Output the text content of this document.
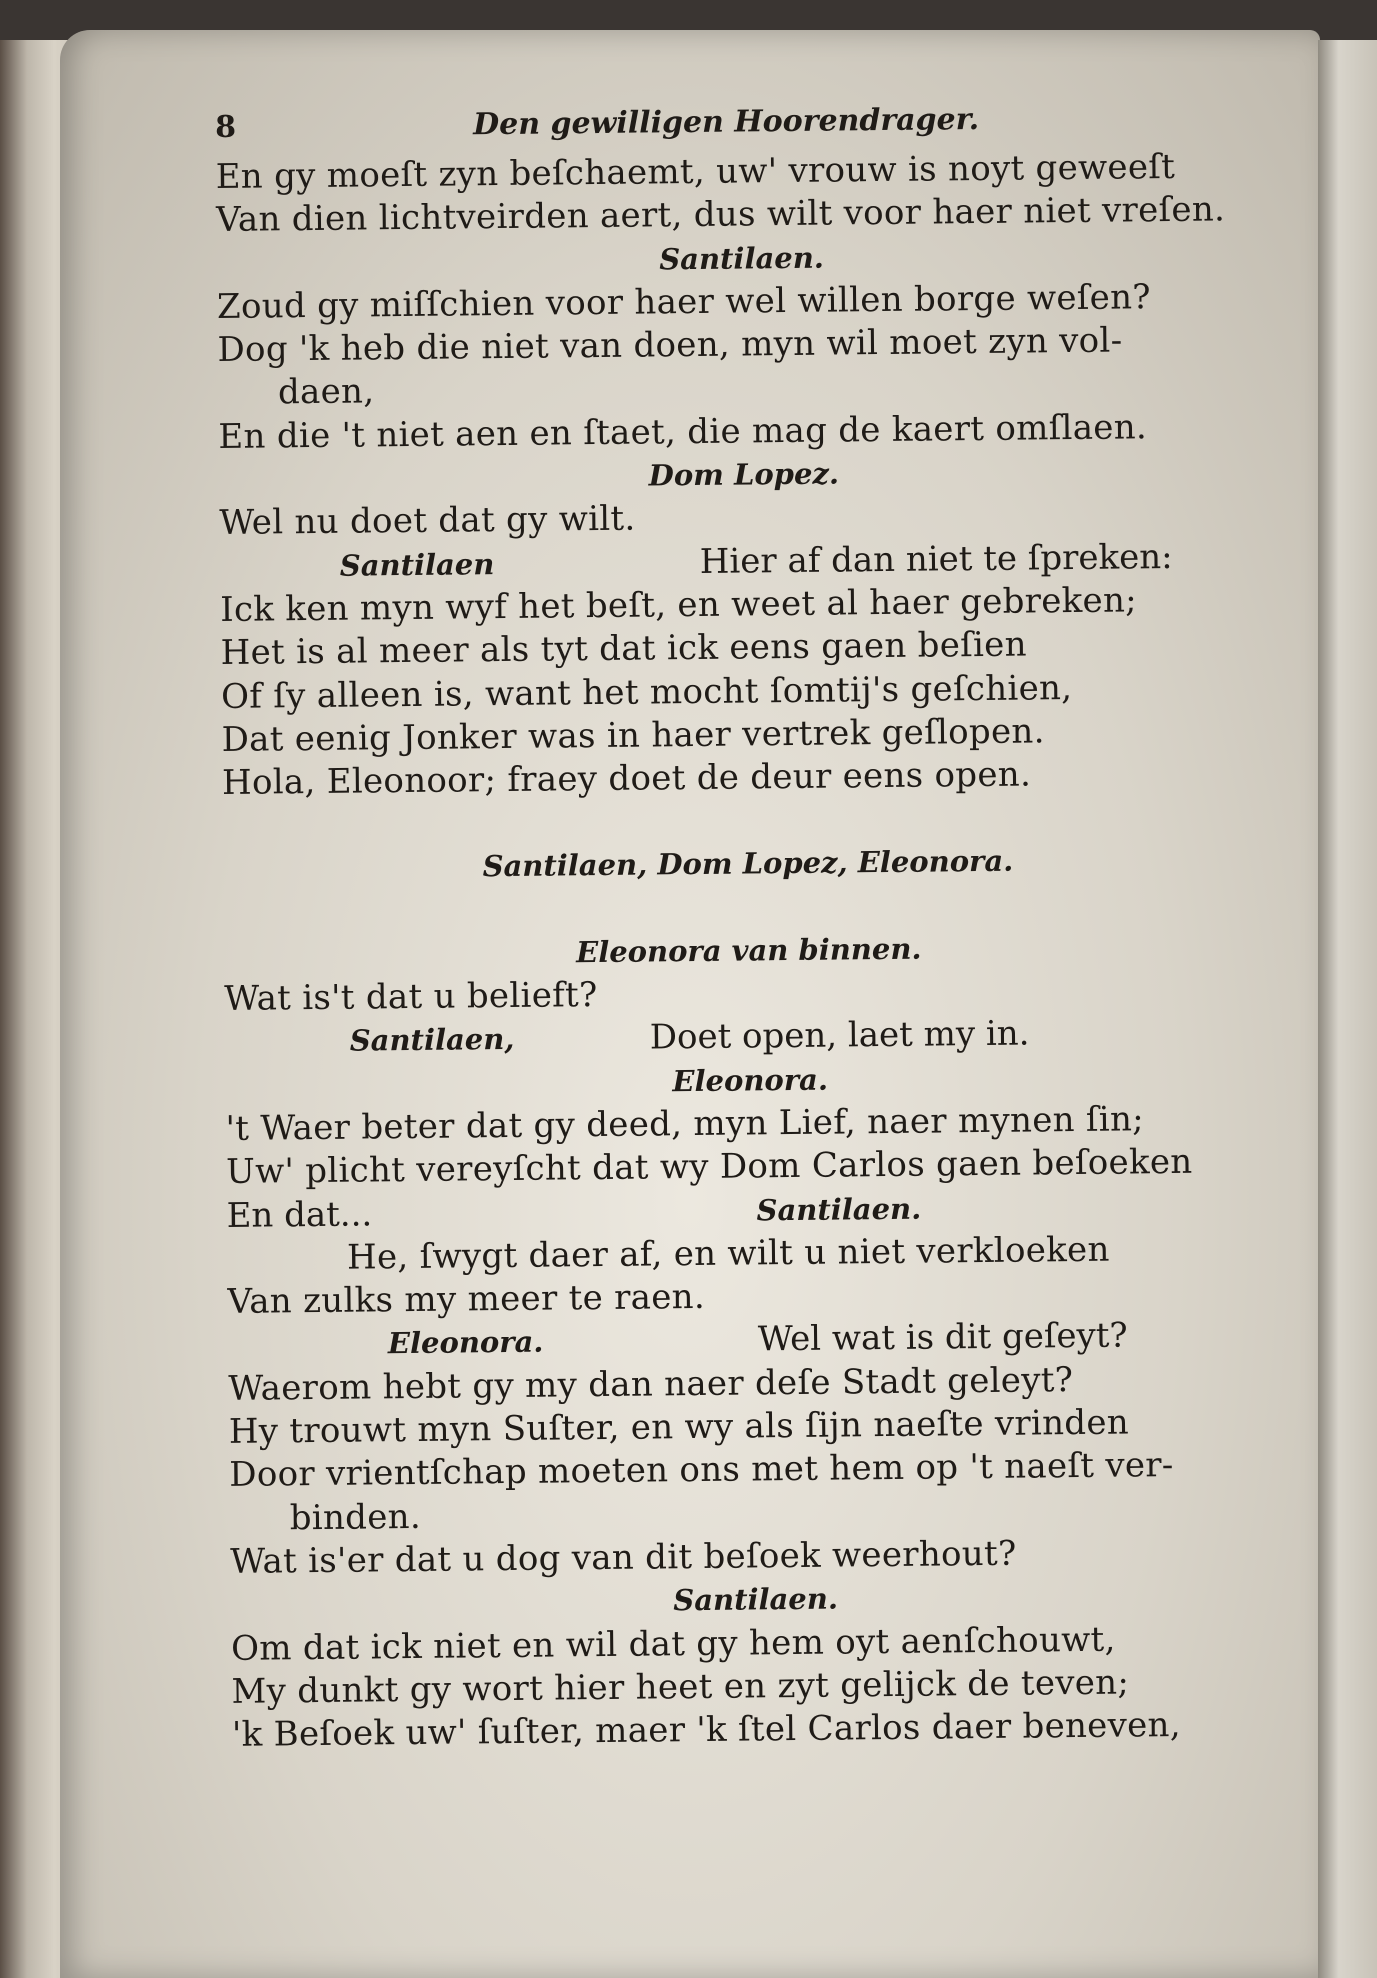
8	Den gewilligen Hoorendrager.
En gy moeſt zyn beſchaemt, uw' vrouw is noyt geweeſt
Van dien lichtveirden aert, dus wilt voor haer niet vreſen.
Santilaen.
Zoud gy miſſchien voor haer wel willen borge weſen?
Dog 'k heb die niet van doen, myn wil moet zyn vol-
daen,
En die 't niet aen en ſtaet, die mag de kaert omſlaen.
Dom Lopez.
Wel nu doet dat gy wilt.
Santilaen	Hier af dan niet te ſpreken:
Ick ken myn wyf het beſt, en weet al haer gebreken;
Het is al meer als tyt dat ick eens gaen beſien
Of ſy alleen is, want het mocht ſomtij's geſchien,
Dat eenig Jonker was in haer vertrek geſlopen.
Hola, Eleonoor; fraey doet de deur eens open.
Santilaen, Dom Lopez, Eleonora.
Eleonora van binnen.
Wat is't dat u belieft?
Santilaen,	Doet open, laet my in.
Eleonora.
't Waer beter dat gy deed, myn Lief, naer mynen ſin;
Uw' plicht vereyſcht dat wy Dom Carlos gaen beſoeken
En dat...	Santilaen.
He, ſwygt daer af, en wilt u niet verkloeken
Van zulks my meer te raen.
Eleonora.	Wel wat is dit geſeyt?
Waerom hebt gy my dan naer deſe Stadt geleyt?
Hy trouwt myn Suſter, en wy als ſijn naeſte vrinden
Door vrientſchap moeten ons met hem op 't naeſt ver-
binden.
Wat is'er dat u dog van dit beſoek weerhout?
Santilaen.
Om dat ick niet en wil dat gy hem oyt aenſchouwt,
My dunkt gy wort hier heet en zyt gelijck de teven;
'k Beſoek uw' ſuſter, maer 'k ſtel Carlos daer beneven,
